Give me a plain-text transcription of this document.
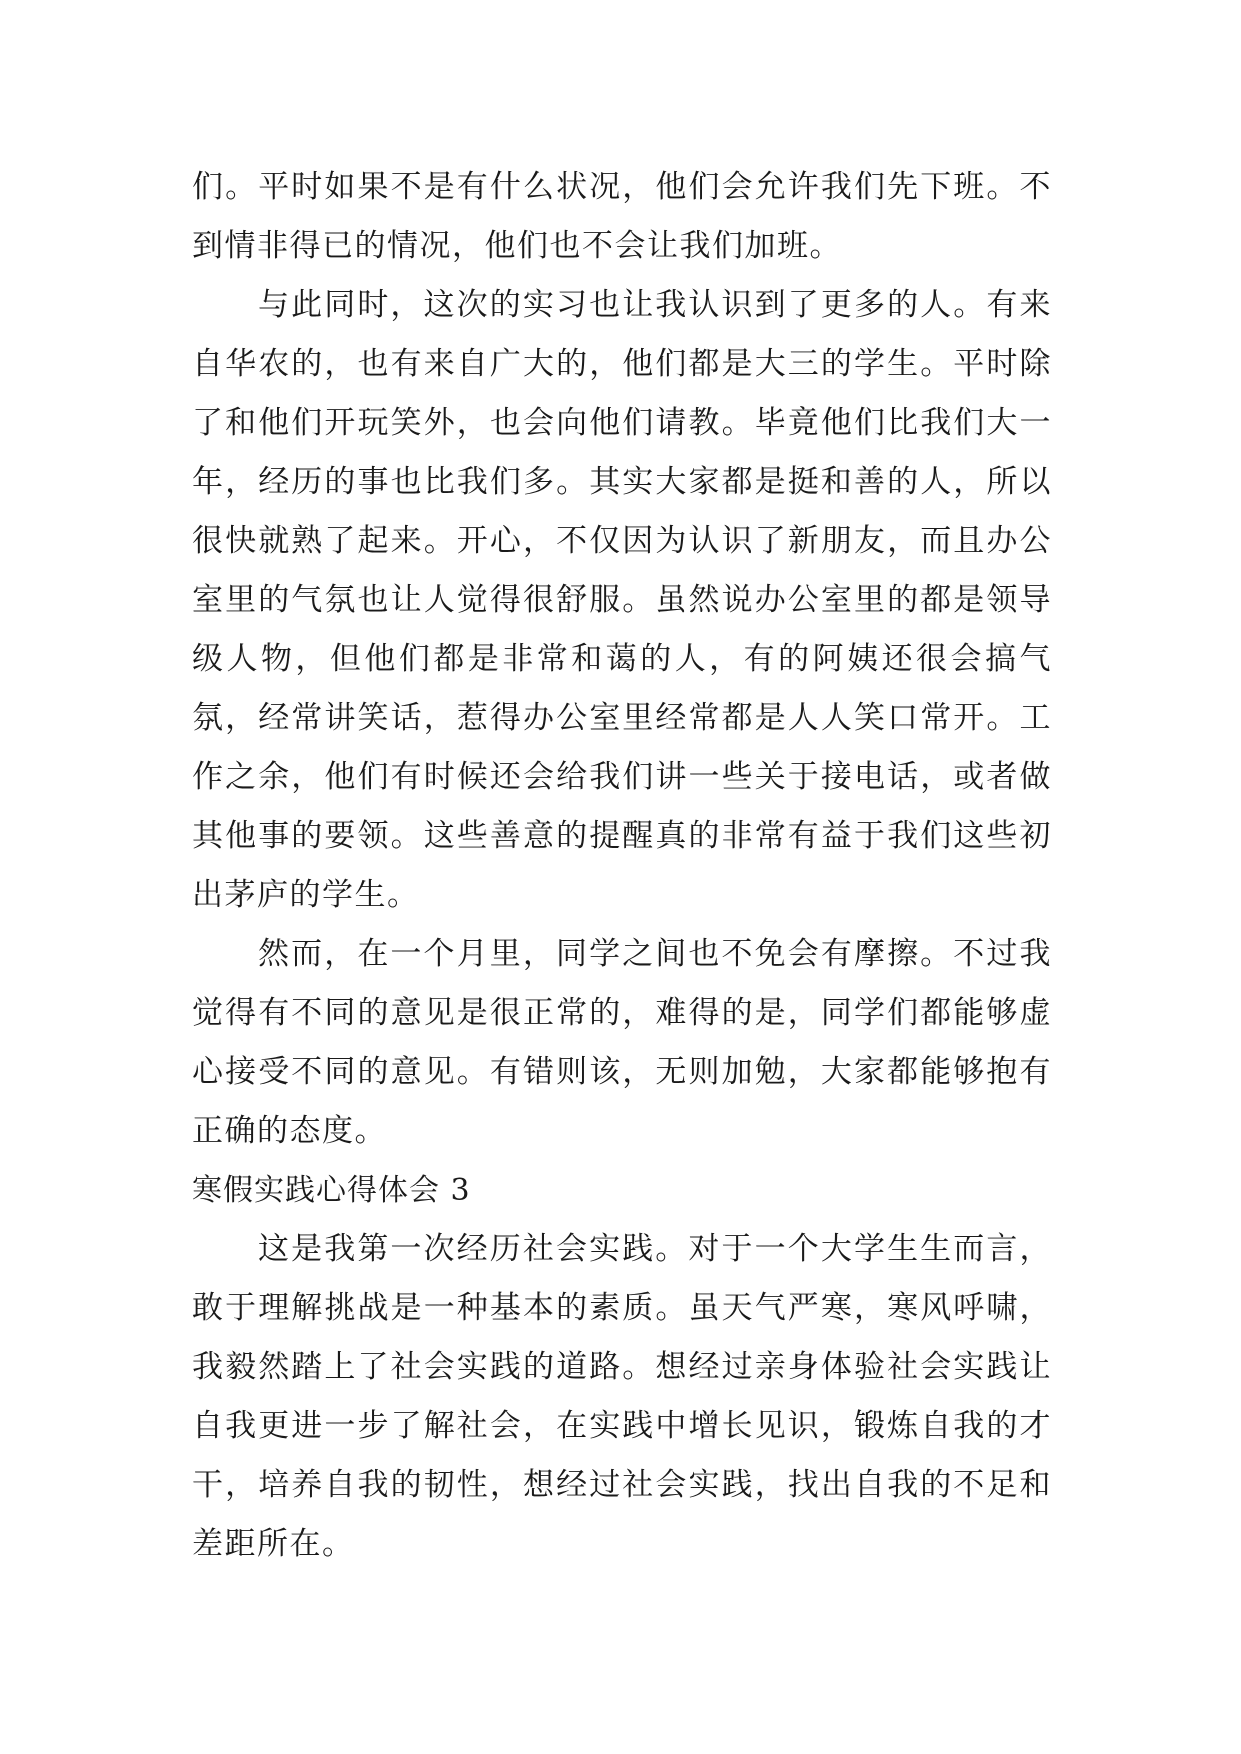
们。平时如果不是有什么状况，他们会允许我们先下班。不到情非得已的情况，他们也不会让我们加班。

与此同时，这次的实习也让我认识到了更多的人。有来自华农的，也有来自广大的，他们都是大三的学生。平时除了和他们开玩笑外，也会向他们请教。毕竟他们比我们大一年，经历的事也比我们多。其实大家都是挺和善的人，所以很快就熟了起来。开心，不仅因为认识了新朋友，而且办公室里的气氛也让人觉得很舒服。虽然说办公室里的都是领导级人物，但他们都是非常和蔼的人，有的阿姨还很会搞气氛，经常讲笑话，惹得办公室里经常都是人人笑口常开。工作之余，他们有时候还会给我们讲一些关于接电话，或者做其他事的要领。这些善意的提醒真的非常有益于我们这些初出茅庐的学生。

然而，在一个月里，同学之间也不免会有摩擦。不过我觉得有不同的意见是很正常的，难得的是，同学们都能够虚心接受不同的意见。有错则该，无则加勉，大家都能够抱有正确的态度。

寒假实践心得体会 3

这是我第一次经历社会实践。对于一个大学生生而言，敢于理解挑战是一种基本的素质。虽天气严寒，寒风呼啸，我毅然踏上了社会实践的道路。想经过亲身体验社会实践让自我更进一步了解社会，在实践中增长见识，锻炼自我的才干，培养自我的韧性，想经过社会实践，找出自我的不足和差距所在。
